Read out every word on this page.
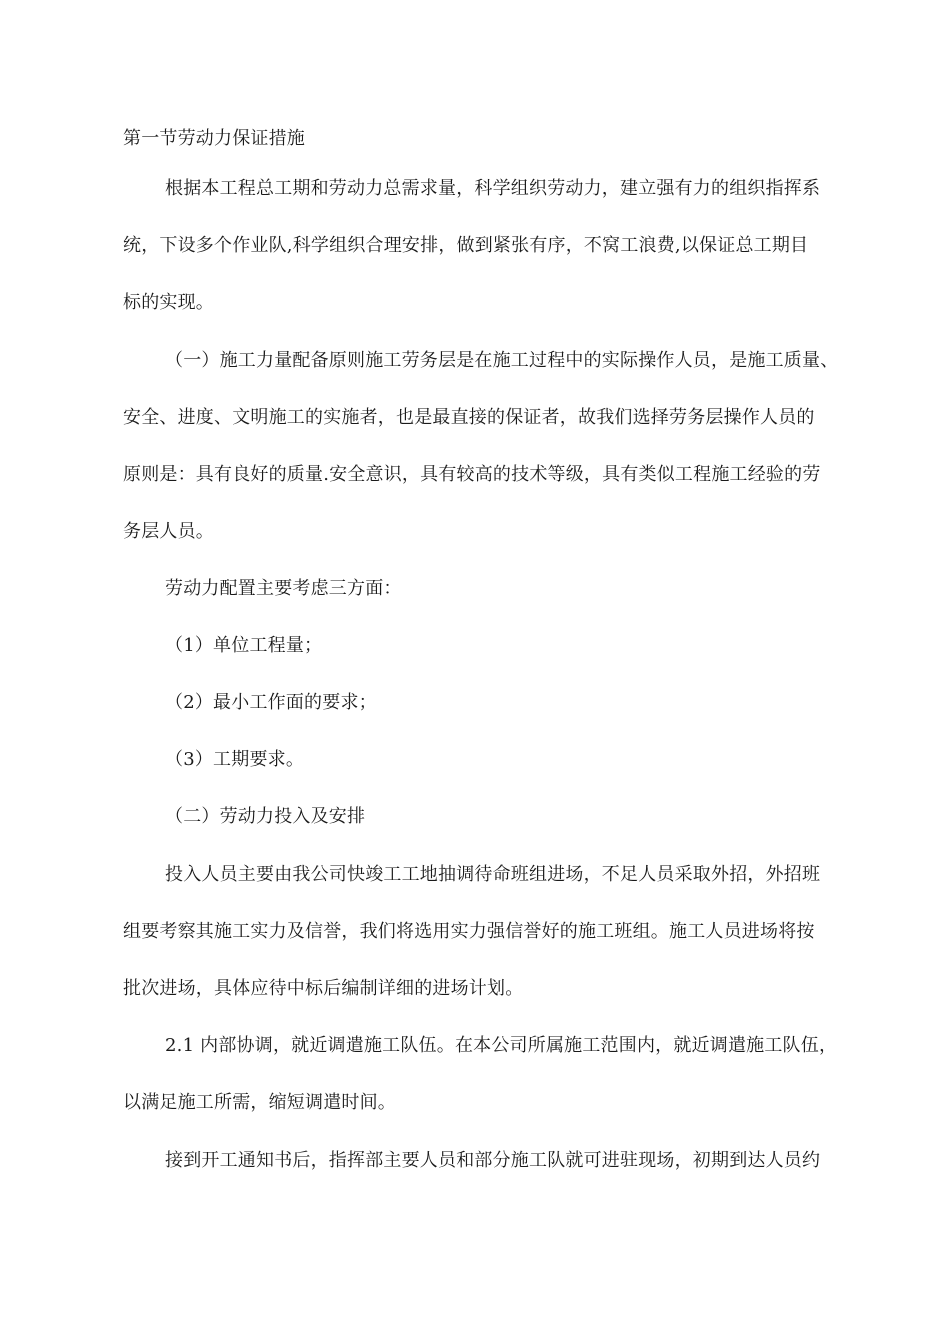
第一节劳动力保证措施
根据本工程总工期和劳动力总需求量，科学组织劳动力，建立强有力的组织指挥系
统，下设多个作业队,科学组织合理安排，做到紧张有序，不窝工浪费,以保证总工期目
标的实现。
（一）施工力量配备原则施工劳务层是在施工过程中的实际操作人员，是施工质量、
安全、进度、文明施工的实施者，也是最直接的保证者，故我们选择劳务层操作人员的
原则是：具有良好的质量.安全意识，具有较高的技术等级，具有类似工程施工经验的劳
务层人员。
劳动力配置主要考虑三方面：
（1）单位工程量；
（2）最小工作面的要求；
（3）工期要求。
（二）劳动力投入及安排
投入人员主要由我公司快竣工工地抽调待命班组进场，不足人员采取外招，外招班
组要考察其施工实力及信誉，我们将选用实力强信誉好的施工班组。施工人员进场将按
批次进场，具体应待中标后编制详细的进场计划。
2.1 内部协调，就近调遣施工队伍。在本公司所属施工范围内，就近调遣施工队伍，
以满足施工所需，缩短调遣时间。
接到开工通知书后，指挥部主要人员和部分施工队就可进驻现场，初期到达人员约
